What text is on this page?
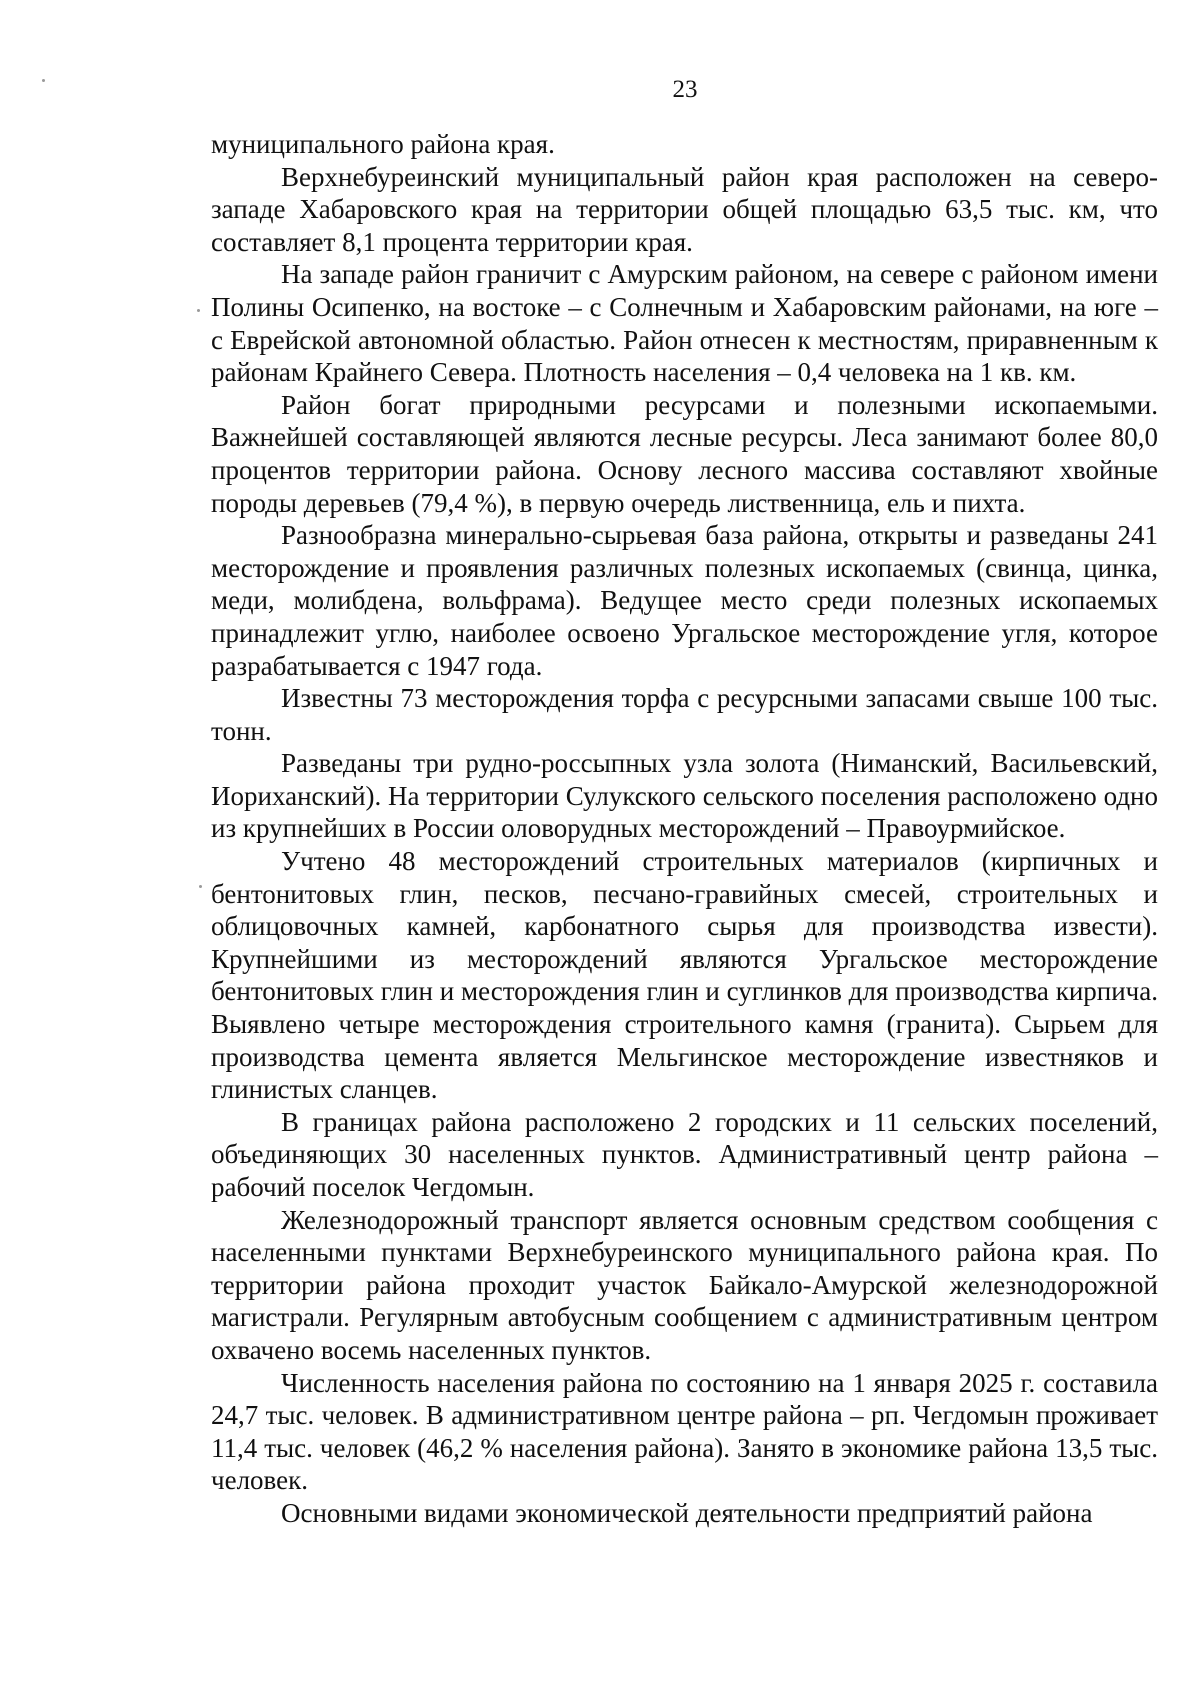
23

муниципального района края.

Верхнебуреинский муниципальный район края расположен на северо-западе Хабаровского края на территории общей площадью 63,5 тыс. км, что составляет 8,1 процента территории края.

На западе район граничит с Амурским районом, на севере с районом имени Полины Осипенко, на востоке – с Солнечным и Хабаровским районами, на юге – с Еврейской автономной областью. Район отнесен к местностям, приравненным к районам Крайнего Севера. Плотность населения – 0,4 человека на 1 кв. км.

Район богат природными ресурсами и полезными ископаемыми. Важнейшей составляющей являются лесные ресурсы. Леса занимают более 80,0 процентов территории района. Основу лесного массива составляют хвойные породы деревьев (79,4 %), в первую очередь лиственница, ель и пихта.

Разнообразна минерально-сырьевая база района, открыты и разведаны 241 месторождение и проявления различных полезных ископаемых (свинца, цинка, меди, молибдена, вольфрама). Ведущее место среди полезных ископаемых принадлежит углю, наиболее освоено Ургальское месторождение угля, которое разрабатывается с 1947 года.

Известны 73 месторождения торфа с ресурсными запасами свыше 100 тыс. тонн.

Разведаны три рудно-россыпных узла золота (Ниманский, Васильевский, Иориханский). На территории Сулукского сельского поселения расположено одно из крупнейших в России оловорудных месторождений – Правоурмийское.

Учтено 48 месторождений строительных материалов (кирпичных и бентонитовых глин, песков, песчано-гравийных смесей, строительных и облицовочных камней, карбонатного сырья для производства извести). Крупнейшими из месторождений являются Ургальское месторождение бентонитовых глин и месторождения глин и суглинков для производства кирпича. Выявлено четыре месторождения строительного камня (гранита). Сырьем для производства цемента является Мельгинское месторождение известняков и глинистых сланцев.

В границах района расположено 2 городских и 11 сельских поселений, объединяющих 30 населенных пунктов. Административный центр района – рабочий поселок Чегдомын.

Железнодорожный транспорт является основным средством сообщения с населенными пунктами Верхнебуреинского муниципального района края. По территории района проходит участок Байкало-Амурской железнодорожной магистрали. Регулярным автобусным сообщением с административным центром охвачено восемь населенных пунктов.

Численность населения района по состоянию на 1 января 2025 г. составила 24,7 тыс. человек. В административном центре района – рп. Чегдомын проживает 11,4 тыс. человек (46,2 % населения района). Занято в экономике района 13,5 тыс. человек.

Основными видами экономической деятельности предприятий района
